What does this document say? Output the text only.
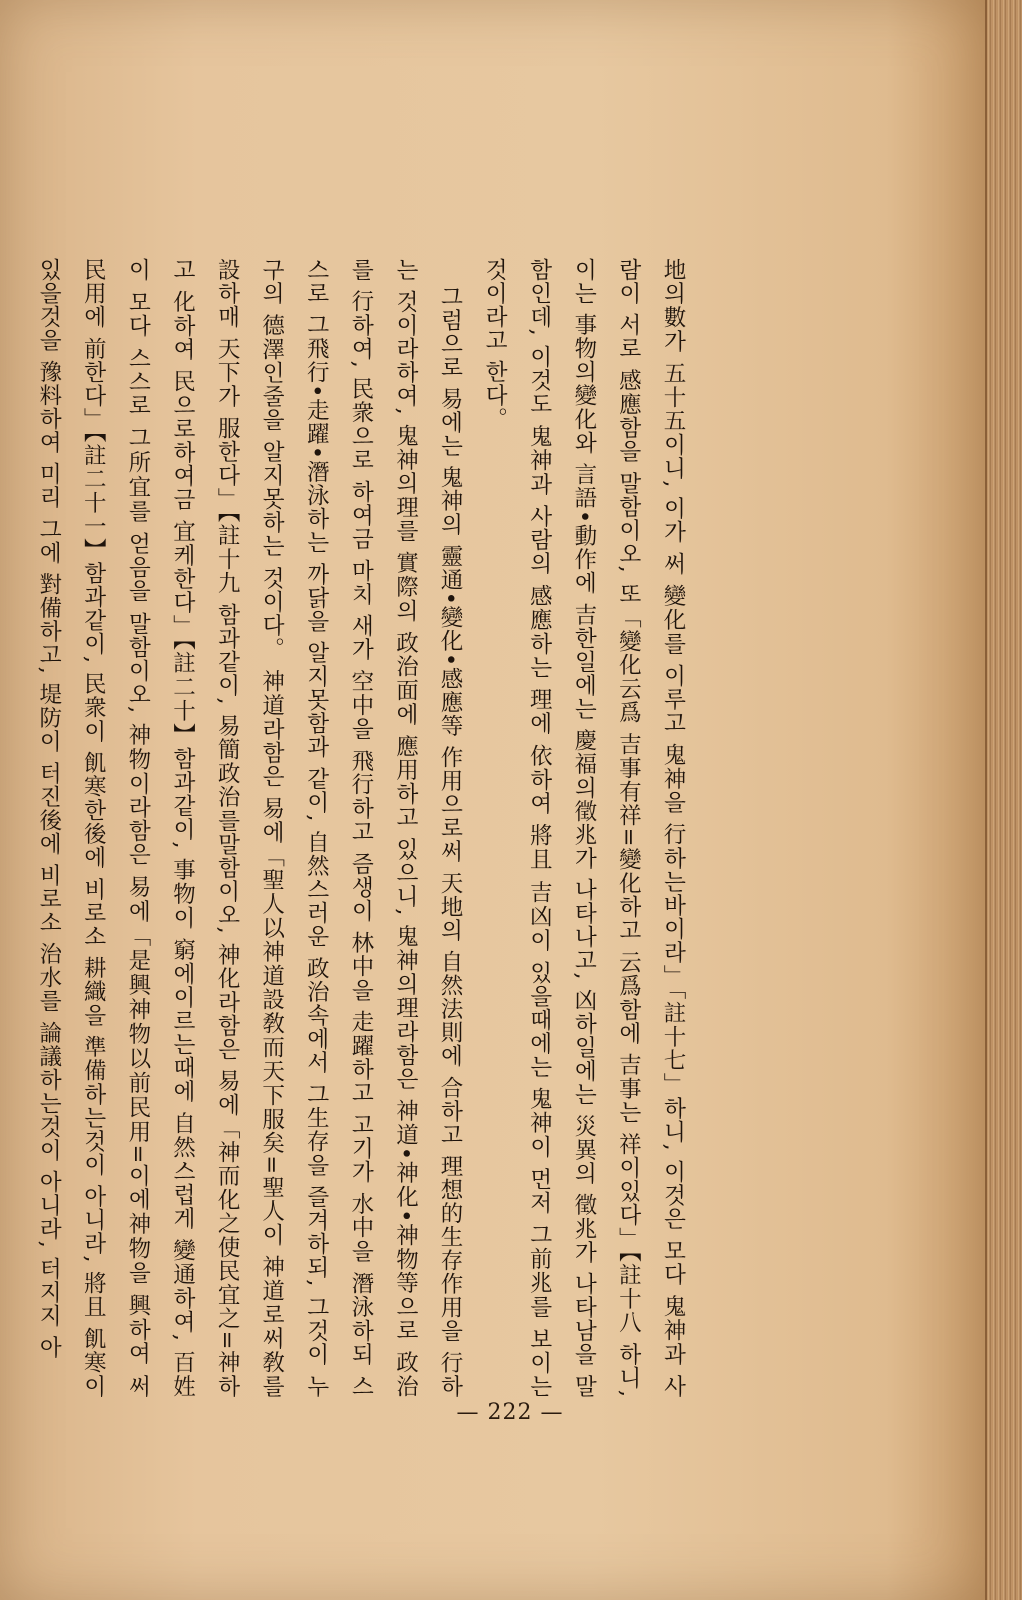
地의數가 五十五이니, 이가 써 變化를 이루고 鬼神을 行하는바이라」「註十七」하니, 이것은 모다 鬼神과 사람이 서로 感應함을 말함이오, 또「變化云爲 吉事有祥=變化하고 云爲함에 吉事는 祥이있다」【註十八 하니, 이는 事物의變化와 言語•動作에 吉한일에는 慶福의徵兆가 나타나고, 凶하일에는 災異의 徵兆가 나타남을 말함인데, 이것도 鬼神과 사람의 感應하는 理에 依하여 將且 吉凶이 있을때에는 鬼神이 먼저 그前兆를 보이는 것이라고 한다。

그럼으로 易에는 鬼神의 靈通•變化•感應等 作用으로써 天地의 自然法則에 合하고 理想的生存作用을 行하는 것이라하여, 鬼神의理를 實際의 政治面에 應用하고 있으니, 鬼神의理라함은 神道•神化•神物等으로 政治를 行하여, 民衆으로 하여금 마치 새가 空中을 飛行하고 즘생이 林中을 走躍하고 고기가 水中을 潛泳하되 스스로 그飛行•走躍•潛泳하는 까닭을 알지못함과 같이, 自然스러운 政治속에서 그生存을 즐겨하되, 그것이 누구의 德澤인줄을 알지못하는 것이다。 神道라함은 易에「聖人以神道設敎而天下服矣=聖人이 神道로써敎를設하매 天下가 服한다」【註十九 함과같이, 易簡政治를말함이오, 神化라함은 易에「神而化之使民宜之=神하고 化하여 民으로하여금 宜케한다」【註二十】함과같이, 事物이 窮에이르는때에 自然스럽게 變通하여, 百姓이 모다 스스로 그所宜를 얻음을 말함이오, 神物이라함은 易에「是興神物以前民用=이에神物을 興하여 써 民用에 前한다」【註二十一】함과같이, 民衆이 飢寒한後에 비로소 耕織을 準備하는것이 아니라, 將且 飢寒이 있을것을 豫料하여 미리 그에 對備하고, 堤防이 터진後에 비로소 治水를 論議하는것이 아니라, 터지지 아

— 222 —
